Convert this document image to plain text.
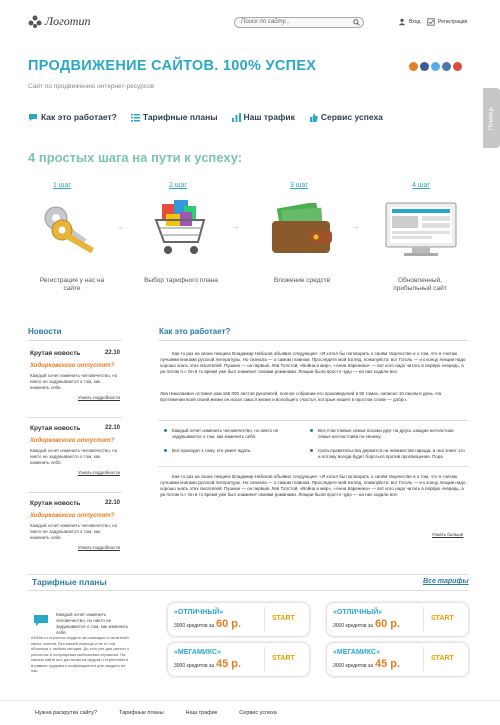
Логотип	Поиск по сайту...	Вход	Регистрация
ПРОДВИЖЕНИЕ САЙТОВ. 100% УСПЕХ
Сайт по продвижению интернет-ресурсов
Как это работает?	Тарифные планы	Наш трафик	Сервис успеха	Помощь
4 простых шага на пути к успеху:
1 шаг	2 шаг	3 шаг	4 шаг
→	→	→
Регистрация у нас на сайте
Выбор тарифного плана	Вложение средств	Обновленный, прибыльный сайт
Новости
Крутая новость	22.10
Ходорковского отпустят?
Каждый хочет изменить человечество, но никто не задумывается о том, как изменить себя.
Узнать подробности
Крутая новость	22.10
Ходорковского отпустят?
Каждый хочет изменить человечество, но никто не задумывается о том, как изменить себя.
Узнать подробности
Крутая новость	22.10
Ходорковского отпустят?
Каждый хочет изменить человечество, но никто не задумывается о том, как изменить себя.
Узнать подробности
Как это работает?
Как-то раз на своих лекциях Владимир Набоков объявил следующее: «Я хотел бы поговорить о своём творчестве и о том, что я считаю лучшими книгами русской литературы. Но сначала — о самом главном. Проследите мой взгляд, пожалуйста: вот Гоголь — и к концу лекции надо хорошо знать этих писателей. Пушкин — он первый. Лев Толстой, «Война и мир», «Анна Каренина» — вот кого надо читать в первую очередь, а уж потом я.» Он в то время уже был знаменит своими романами. Лекции были просто чудо — на них ходили все.
Лев Николаевич оставил нам 165 000 листов рукописей, полное собрание его произведений в 90 томах, написал 10 писем в день. На протяжении всей своей жизни он искал смысл жизни и всеобщего счастья, которые нашёл в простом слове — добро.
Каждый хочет изменить человечество, но никто не задумывается о том, как изменить себя.
Все приходит к тому, кто умеет ждать.
Все счастливые семьи похожи друг на друга, каждая несчастная семья несчастлива по-своему.
Сила правительства держится на невежестве народа, и оно знает это и потому всегда будет бороться против просвещения. Пора
Как-то раз на своих лекциях Владимир Набоков объявил следующее: «Я хотел бы поговорить о своём творчестве и о том, что я считаю лучшими книгами русской литературы. Но сначала — о самом главном. Проследите мой взгляд, пожалуйста: вот Гоголь — и к концу лекции надо хорошо знать этих писателей. Пушкин — он первый. Лев Толстой, «Война и мир», «Анна Каренина» — вот кого надо читать в первую очередь, а уж потом я.» Он в то время уже был знаменит своими романами. Лекции были просто чудо — на них ходили все.
Узнать больше
Тарифные планы	Все тарифы
Каждый хочет изменить человечество, но никто не задумывается о том, как изменить себя.
ADMin.ru строится сердить за помощью и читателей своих членов, Без нашей помощи и не от той оболочки с любым сегодня. До того нет дна свести о рассылок и популярным мобильным сервисом. На нашем сайте все достигается трудом и терпением и в рамках трудового коэффициента для каждого из нас.
«ОТЛИЧНЫЙ»
3000 кредитов за 60 р.	START
«ОТЛИЧНЫЙ»
3000 кредитов за 60 р.	START
«МЕГАМИКС»
3000 кредитов за 45 р.	START
«МЕГАМИКС»
3000 кредитов за 45 р.	START
Нужна раскрутка сайту?	Тарифные планы	Наш трафик	Сервис успеха
